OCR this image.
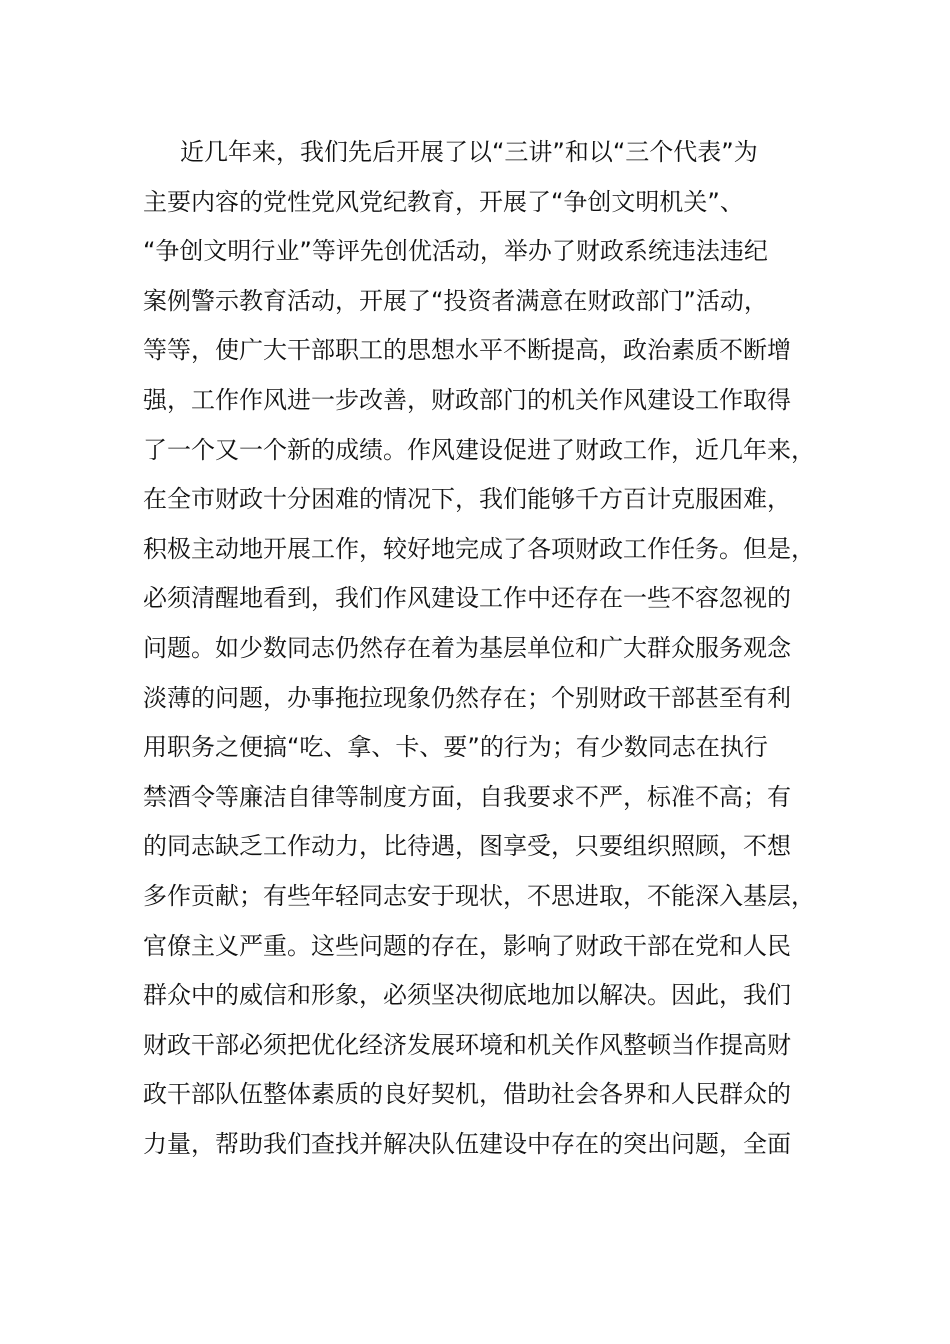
近几年来，我们先后开展了以“三讲”和以“三个代表”为
主要内容的党性党风党纪教育，开展了“争创文明机关”、
“争创文明行业”等评先创优活动，举办了财政系统违法违纪
案例警示教育活动，开展了“投资者满意在财政部门”活动，
等等，使广大干部职工的思想水平不断提高，政治素质不断增
强，工作作风进一步改善，财政部门的机关作风建设工作取得
了一个又一个新的成绩。作风建设促进了财政工作，近几年来，
在全市财政十分困难的情况下，我们能够千方百计克服困难，
积极主动地开展工作，较好地完成了各项财政工作任务。但是，
必须清醒地看到，我们作风建设工作中还存在一些不容忽视的
问题。如少数同志仍然存在着为基层单位和广大群众服务观念
淡薄的问题，办事拖拉现象仍然存在；个别财政干部甚至有利
用职务之便搞“吃、拿、卡、要”的行为；有少数同志在执行
禁酒令等廉洁自律等制度方面，自我要求不严，标准不高；有
的同志缺乏工作动力，比待遇，图享受，只要组织照顾，不想
多作贡献；有些年轻同志安于现状，不思进取，不能深入基层，
官僚主义严重。这些问题的存在，影响了财政干部在党和人民
群众中的威信和形象，必须坚决彻底地加以解决。因此，我们
财政干部必须把优化经济发展环境和机关作风整顿当作提高财
政干部队伍整体素质的良好契机，借助社会各界和人民群众的
力量，帮助我们查找并解决队伍建设中存在的突出问题，全面
